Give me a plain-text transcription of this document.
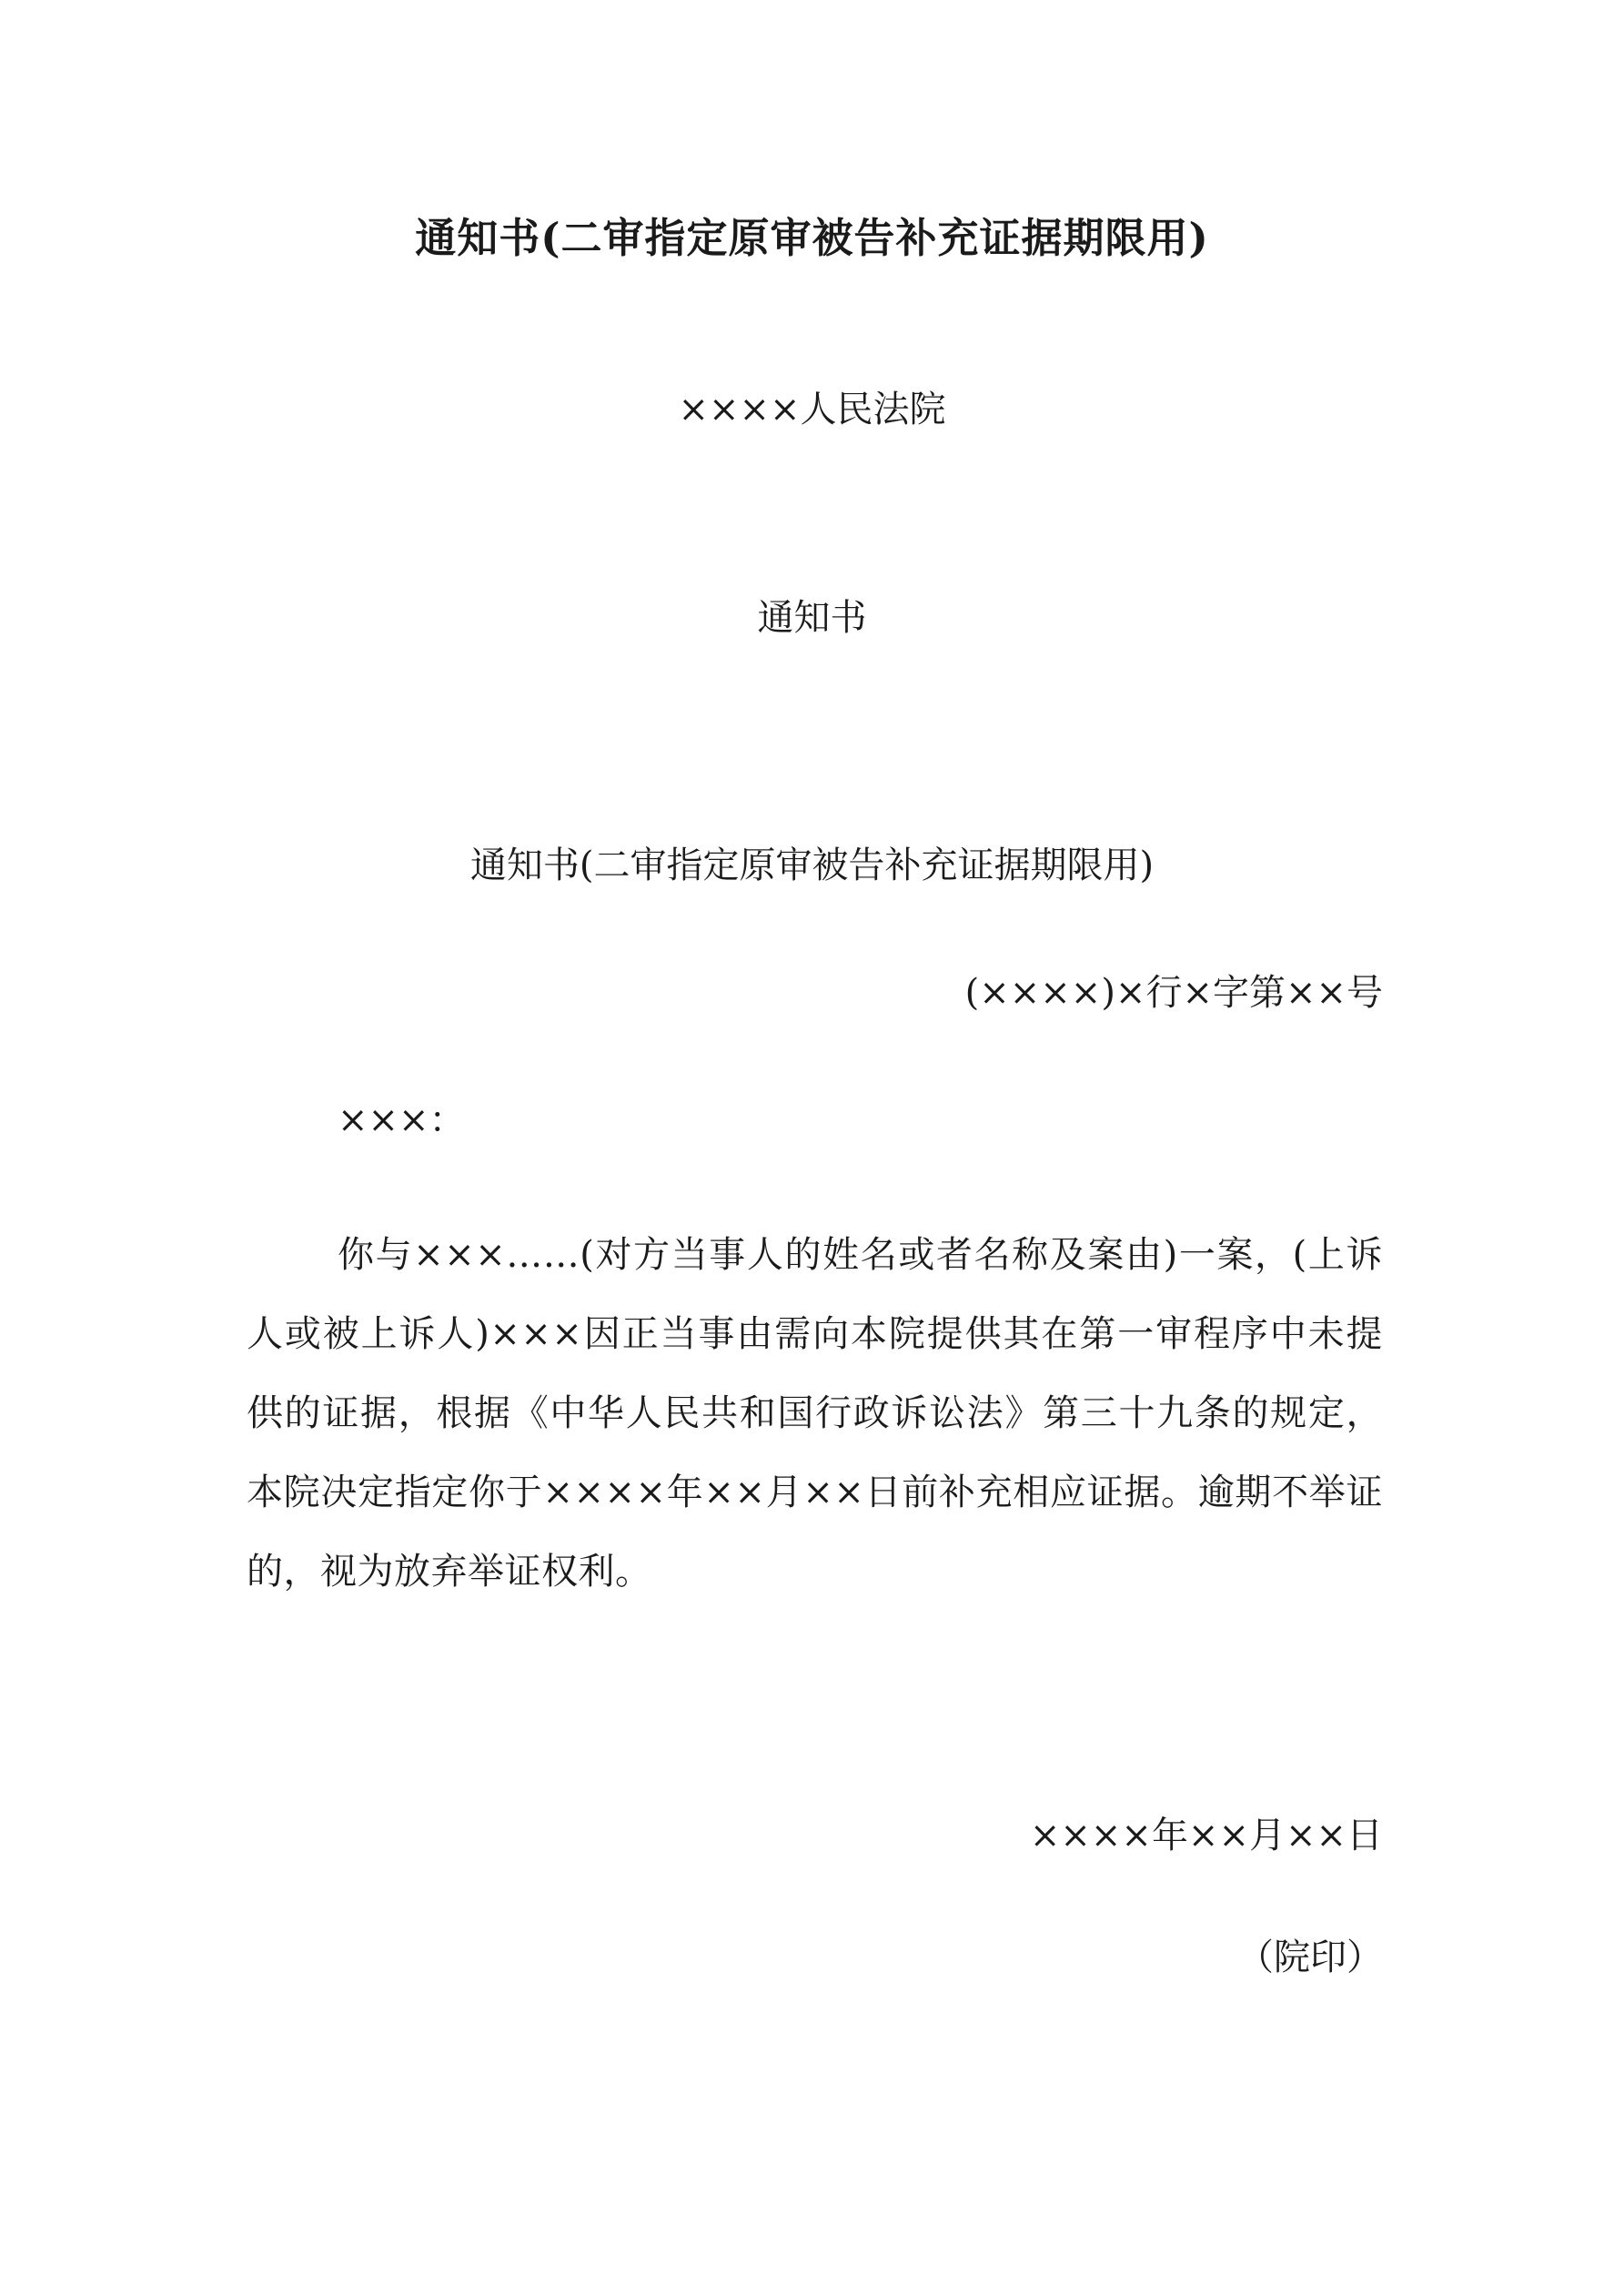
通知书(二审指定原审被告补充证据期限用)
××××人民法院
通知书
通知书(二审指定原审被告补充证据期限用)
(××××)×行×字第××号
×××：
你与×××……(对方当事人的姓名或者名称及案由)一案，(上诉人或被上诉人)×××因正当事由需向本院提供其在第一审程序中未提供的证据，根据《中华人民共和国行政诉讼法》第三十九条的规定，本院决定指定你于××××年××月××日前补充相应证据。逾期不举证的，视为放弃举证权利。
××××年××月××日
（院印）
